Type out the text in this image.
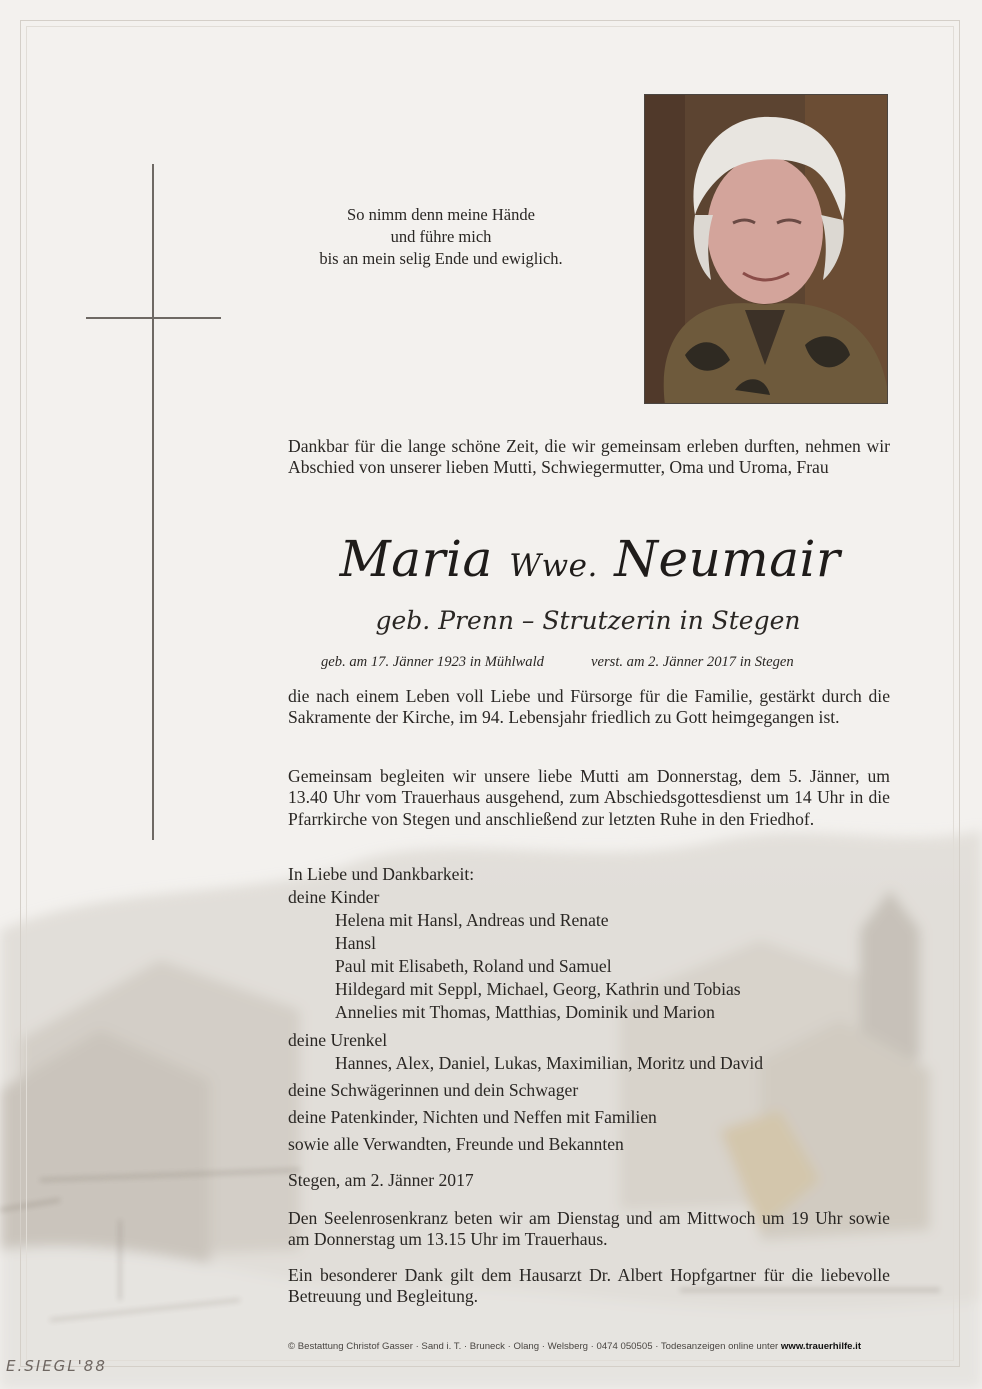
So nimm denn meine Hände
und führe mich
bis an mein selig Ende und ewiglich.
Dankbar für die lange schöne Zeit, die wir gemeinsam erleben durften, nehmen wir Abschied von unserer lieben Mutti, Schwiegermutter, Oma und Uroma, Frau
Maria Wwe. Neumair
geb. Prenn – Strutzerin in Stegen
geb. am 17. Jänner 1923 in Mühlwald	verst. am 2. Jänner 2017 in Stegen
die nach einem Leben voll Liebe und Fürsorge für die Familie, gestärkt durch die Sakramente der Kirche, im 94. Lebensjahr friedlich zu Gott heimgegangen ist.
Gemeinsam begleiten wir unsere liebe Mutti am Donnerstag, dem 5. Jänner, um 13.40 Uhr vom Trauerhaus ausgehend, zum Abschiedsgottesdienst um 14 Uhr in die Pfarrkirche von Stegen und anschließend zur letzten Ruhe in den Friedhof.
In Liebe und Dankbarkeit:
deine Kinder
Helena mit Hansl, Andreas und Renate
Hansl
Paul mit Elisabeth, Roland und Samuel
Hildegard mit Seppl, Michael, Georg, Kathrin und Tobias
Annelies mit Thomas, Matthias, Dominik und Marion
deine Urenkel
Hannes, Alex, Daniel, Lukas, Maximilian, Moritz und David
deine Schwägerinnen und dein Schwager
deine Patenkinder, Nichten und Neffen mit Familien
sowie alle Verwandten, Freunde und Bekannten
Stegen, am 2. Jänner 2017
Den Seelenrosenkranz beten wir am Dienstag und am Mittwoch um 19 Uhr sowie am Donnerstag um 13.15 Uhr im Trauerhaus.
Ein besonderer Dank gilt dem Hausarzt Dr. Albert Hopfgartner für die liebevolle Betreuung und Begleitung.
© Bestattung Christof Gasser · Sand i. T. · Bruneck · Olang · Welsberg · 0474 050505 · Todesanzeigen online unter www.trauerhilfe.it
E.SIEGL'88
